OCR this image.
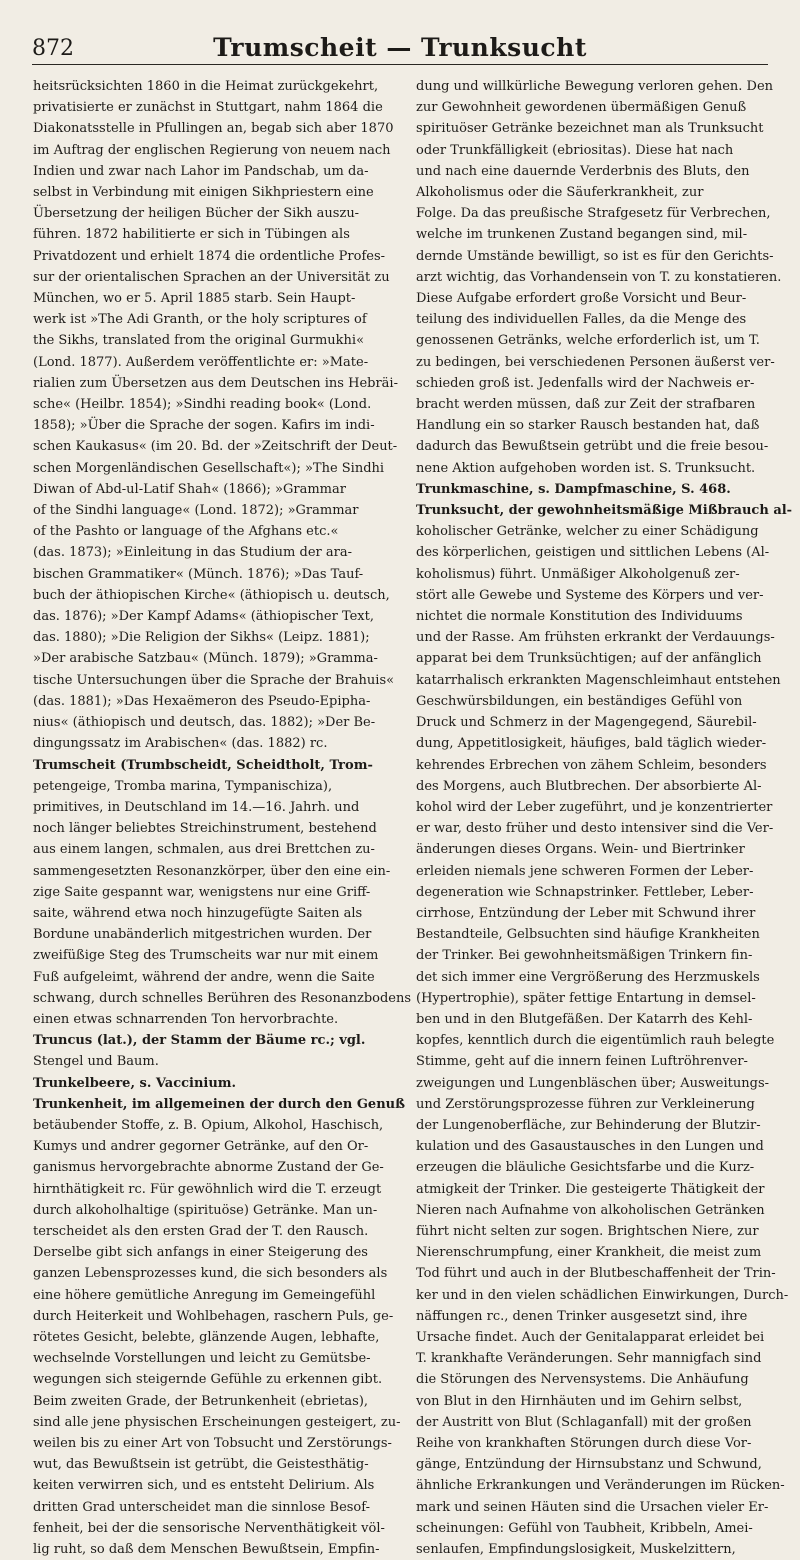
872	Trumscheit — Trunksucht
heitsrücksichten 1860 in die Heimat zurückgekehrt,
privatisierte er zunächst in Stuttgart, nahm 1864 die
Diakonatsstelle in Pfullingen an, begab sich aber 1870
im Auftrag der englischen Regierung von neuem nach
Indien und zwar nach Lahor im Pandschab, um da-
selbst in Verbindung mit einigen Sikhpriestern eine
Übersetzung der heiligen Bücher der Sikh auszu-
führen. 1872 habilitierte er sich in Tübingen als
Privatdozent und erhielt 1874 die ordentliche Profes-
sur der orientalischen Sprachen an der Universität zu
München, wo er 5. April 1885 starb. Sein Haupt-
werk ist »The Adi Granth, or the holy scriptures of
the Sikhs, translated from the original Gurmukhi«
(Lond. 1877). Außerdem veröffentlichte er: »Mate-
rialien zum Übersetzen aus dem Deutschen ins Hebräi-
sche« (Heilbr. 1854); »Sindhi reading book« (Lond.
1858); »Über die Sprache der sogen. Kafirs im indi-
schen Kaukasus« (im 20. Bd. der »Zeitschrift der Deut-
schen Morgenländischen Gesellschaft«); »The Sindhi
Diwan of Abd-ul-Latif Shah« (1866); »Grammar
of the Sindhi language« (Lond. 1872); »Grammar
of the Pashto or language of the Afghans etc.«
(das. 1873); »Einleitung in das Studium der ara-
bischen Grammatiker« (Münch. 1876); »Das Tauf-
buch der äthiopischen Kirche« (äthiopisch u. deutsch,
das. 1876); »Der Kampf Adams« (äthiopischer Text,
das. 1880); »Die Religion der Sikhs« (Leipz. 1881);
»Der arabische Satzbau« (Münch. 1879); »Gramma-
tische Untersuchungen über die Sprache der Brahuis«
(das. 1881); »Das Hexaëmeron des Pseudo-Epipha-
nius« (äthiopisch und deutsch, das. 1882); »Der Be-
dingungssatz im Arabischen« (das. 1882) rc.
Trumscheit (Trumbscheidt, Scheidtholt, Trom-
petengeige, Tromba marina, Tympanischiza),
primitives, in Deutschland im 14.—16. Jahrh. und
noch länger beliebtes Streichinstrument, bestehend
aus einem langen, schmalen, aus drei Brettchen zu-
sammengesetzten Resonanzkörper, über den eine ein-
zige Saite gespannt war, wenigstens nur eine Griff-
saite, während etwa noch hinzugefügte Saiten als
Bordune unabänderlich mitgestrichen wurden. Der
zweifüßige Steg des Trumscheits war nur mit einem
Fuß aufgeleimt, während der andre, wenn die Saite
schwang, durch schnelles Berühren des Resonanzbodens
einen etwas schnarrenden Ton hervorbrachte.
Truncus (lat.), der Stamm der Bäume rc.; vgl.
Stengel und Baum.
Trunkelbeere, s. Vaccinium.
Trunkenheit, im allgemeinen der durch den Genuß
betäubender Stoffe, z. B. Opium, Alkohol, Haschisch,
Kumys und andrer gegorner Getränke, auf den Or-
ganismus hervorgebrachte abnorme Zustand der Ge-
hirnthätigkeit rc. Für gewöhnlich wird die T. erzeugt
durch alkoholhaltige (spirituöse) Getränke. Man un-
terscheidet als den ersten Grad der T. den Rausch.
Derselbe gibt sich anfangs in einer Steigerung des
ganzen Lebensprozesses kund, die sich besonders als
eine höhere gemütliche Anregung im Gemeingefühl
durch Heiterkeit und Wohlbehagen, raschern Puls, ge-
rötetes Gesicht, belebte, glänzende Augen, lebhafte,
wechselnde Vorstellungen und leicht zu Gemütsbe-
wegungen sich steigernde Gefühle zu erkennen gibt.
Beim zweiten Grade, der Betrunkenheit (ebrietas),
sind alle jene physischen Erscheinungen gesteigert, zu-
weilen bis zu einer Art von Tobsucht und Zerstörungs-
wut, das Bewußtsein ist getrübt, die Geistesthätig-
keiten verwirren sich, und es entsteht Delirium. Als
dritten Grad unterscheidet man die sinnlose Besof-
fenheit, bei der die sensorische Nerventhätigkeit völ-
lig ruht, so daß dem Menschen Bewußtsein, Empfin-
dung und willkürliche Bewegung verloren gehen. Den
zur Gewohnheit gewordenen übermäßigen Genuß
spirituöser Getränke bezeichnet man als Trunksucht
oder Trunkfälligkeit (ebriositas). Diese hat nach
und nach eine dauernde Verderbnis des Bluts, den
Alkoholismus oder die Säuferkrankheit, zur
Folge. Da das preußische Strafgesetz für Verbrechen,
welche im trunkenen Zustand begangen sind, mil-
dernde Umstände bewilligt, so ist es für den Gerichts-
arzt wichtig, das Vorhandensein von T. zu konstatieren.
Diese Aufgabe erfordert große Vorsicht und Beur-
teilung des individuellen Falles, da die Menge des
genossenen Getränks, welche erforderlich ist, um T.
zu bedingen, bei verschiedenen Personen äußerst ver-
schieden groß ist. Jedenfalls wird der Nachweis er-
bracht werden müssen, daß zur Zeit der strafbaren
Handlung ein so starker Rausch bestanden hat, daß
dadurch das Bewußtsein getrübt und die freie besou-
nene Aktion aufgehoben worden ist. S. Trunksucht.
Trunkmaschine, s. Dampfmaschine, S. 468.
Trunksucht, der gewohnheitsmäßige Mißbrauch al-
koholischer Getränke, welcher zu einer Schädigung
des körperlichen, geistigen und sittlichen Lebens (Al-
koholismus) führt. Unmäßiger Alkoholgenuß zer-
stört alle Gewebe und Systeme des Körpers und ver-
nichtet die normale Konstitution des Individuums
und der Rasse. Am frühsten erkrankt der Verdauungs-
apparat bei dem Trunksüchtigen; auf der anfänglich
katarrhalisch erkrankten Magenschleimhaut entstehen
Geschwürsbildungen, ein beständiges Gefühl von
Druck und Schmerz in der Magengegend, Säurebil-
dung, Appetitlosigkeit, häufiges, bald täglich wieder-
kehrendes Erbrechen von zähem Schleim, besonders
des Morgens, auch Blutbrechen. Der absorbierte Al-
kohol wird der Leber zugeführt, und je konzentrierter
er war, desto früher und desto intensiver sind die Ver-
änderungen dieses Organs. Wein- und Biertrinker
erleiden niemals jene schweren Formen der Leber-
degeneration wie Schnapstrinker. Fettleber, Leber-
cirrhose, Entzündung der Leber mit Schwund ihrer
Bestandteile, Gelbsuchten sind häufige Krankheiten
der Trinker. Bei gewohnheitsmäßigen Trinkern fin-
det sich immer eine Vergrößerung des Herzmuskels
(Hypertrophie), später fettige Entartung in demsel-
ben und in den Blutgefäßen. Der Katarrh des Kehl-
kopfes, kenntlich durch die eigentümlich rauh belegte
Stimme, geht auf die innern feinen Luftröhrenver-
zweigungen und Lungenbläschen über; Ausweitungs-
und Zerstörungsprozesse führen zur Verkleinerung
der Lungenoberfläche, zur Behinderung der Blutzir-
kulation und des Gasaustausches in den Lungen und
erzeugen die bläuliche Gesichtsfarbe und die Kurz-
atmigkeit der Trinker. Die gesteigerte Thätigkeit der
Nieren nach Aufnahme von alkoholischen Getränken
führt nicht selten zur sogen. Brightschen Niere, zur
Nierenschrumpfung, einer Krankheit, die meist zum
Tod führt und auch in der Blutbeschaffenheit der Trin-
ker und in den vielen schädlichen Einwirkungen, Durch-
näffungen rc., denen Trinker ausgesetzt sind, ihre
Ursache findet. Auch der Genitalapparat erleidet bei
T. krankhafte Veränderungen. Sehr mannigfach sind
die Störungen des Nervensystems. Die Anhäufung
von Blut in den Hirnhäuten und im Gehirn selbst,
der Austritt von Blut (Schlaganfall) mit der großen
Reihe von krankhaften Störungen durch diese Vor-
gänge, Entzündung der Hirnsubstanz und Schwund,
ähnliche Erkrankungen und Veränderungen im Rücken-
mark und seinen Häuten sind die Ursachen vieler Er-
scheinungen: Gefühl von Taubheit, Kribbeln, Amei-
senlaufen, Empfindungslosigkeit, Muskelzittern,
